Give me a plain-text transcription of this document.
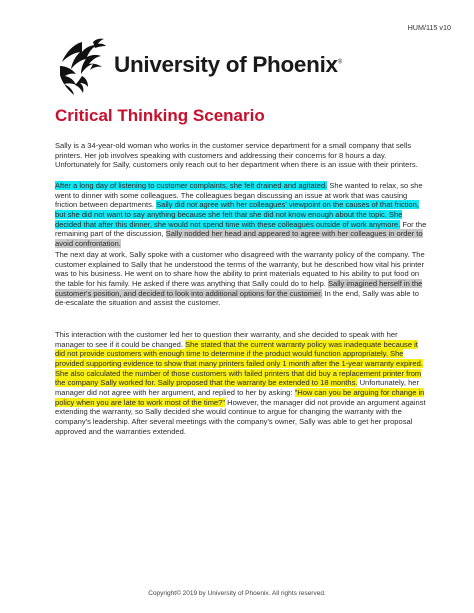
HUM/115 v10
University of Phoenix®
Critical Thinking Scenario

Sally is a 34-year-old woman who works in the customer service department for a small company that sells printers. Her job involves speaking with customers and addressing their concerns for 8 hours a day. Unfortunately for Sally, customers only reach out to her department when there is an issue with their printers.

After a long day of listening to customer complaints, she felt drained and agitated. She wanted to relax, so she went to dinner with some colleagues. The colleagues began discussing an issue at work that was causing friction between departments. Sally did not agree with her colleagues' viewpoint on the causes of that friction, but she did not want to say anything because she felt that she did not know enough about the topic. She decided that after this dinner, she would not spend time with these colleagues outside of work anymore. For the remaining part of the discussion, Sally nodded her head and appeared to agree with her colleagues in order to avoid confrontation.

The next day at work, Sally spoke with a customer who disagreed with the warranty policy of the company. The customer explained to Sally that he understood the terms of the warranty, but he described how vital his printer was to his business. He went on to share how the ability to print materials equated to his ability to put food on the table for his family. He asked if there was anything that Sally could do to help. Sally imagined herself in the customer's position, and decided to look into additional options for the customer. In the end, Sally was able to de-escalate the situation and assist the customer.

This interaction with the customer led her to question their warranty, and she decided to speak with her manager to see if it could be changed. She stated that the current warranty policy was inadequate because it did not provide customers with enough time to determine if the product would function appropriately. She provided supporting evidence to show that many printers failed only 1 month after the 1-year warranty expired. She also calculated the number of those customers with failed printers that did buy a replacement printer from the company Sally worked for. Sally proposed that the warranty be extended to 18 months. Unfortunately, her manager did not agree with her argument, and replied to her by asking: "How can you be arguing for change in policy when you are late to work most of the time?" However, the manager did not provide an argument against extending the warranty, so Sally decided she would continue to argue for changing the warranty with the company's leadership. After several meetings with the company's owner, Sally was able to get her proposal approved and the warranties extended.

Copyright© 2019 by University of Phoenix. All rights reserved.
